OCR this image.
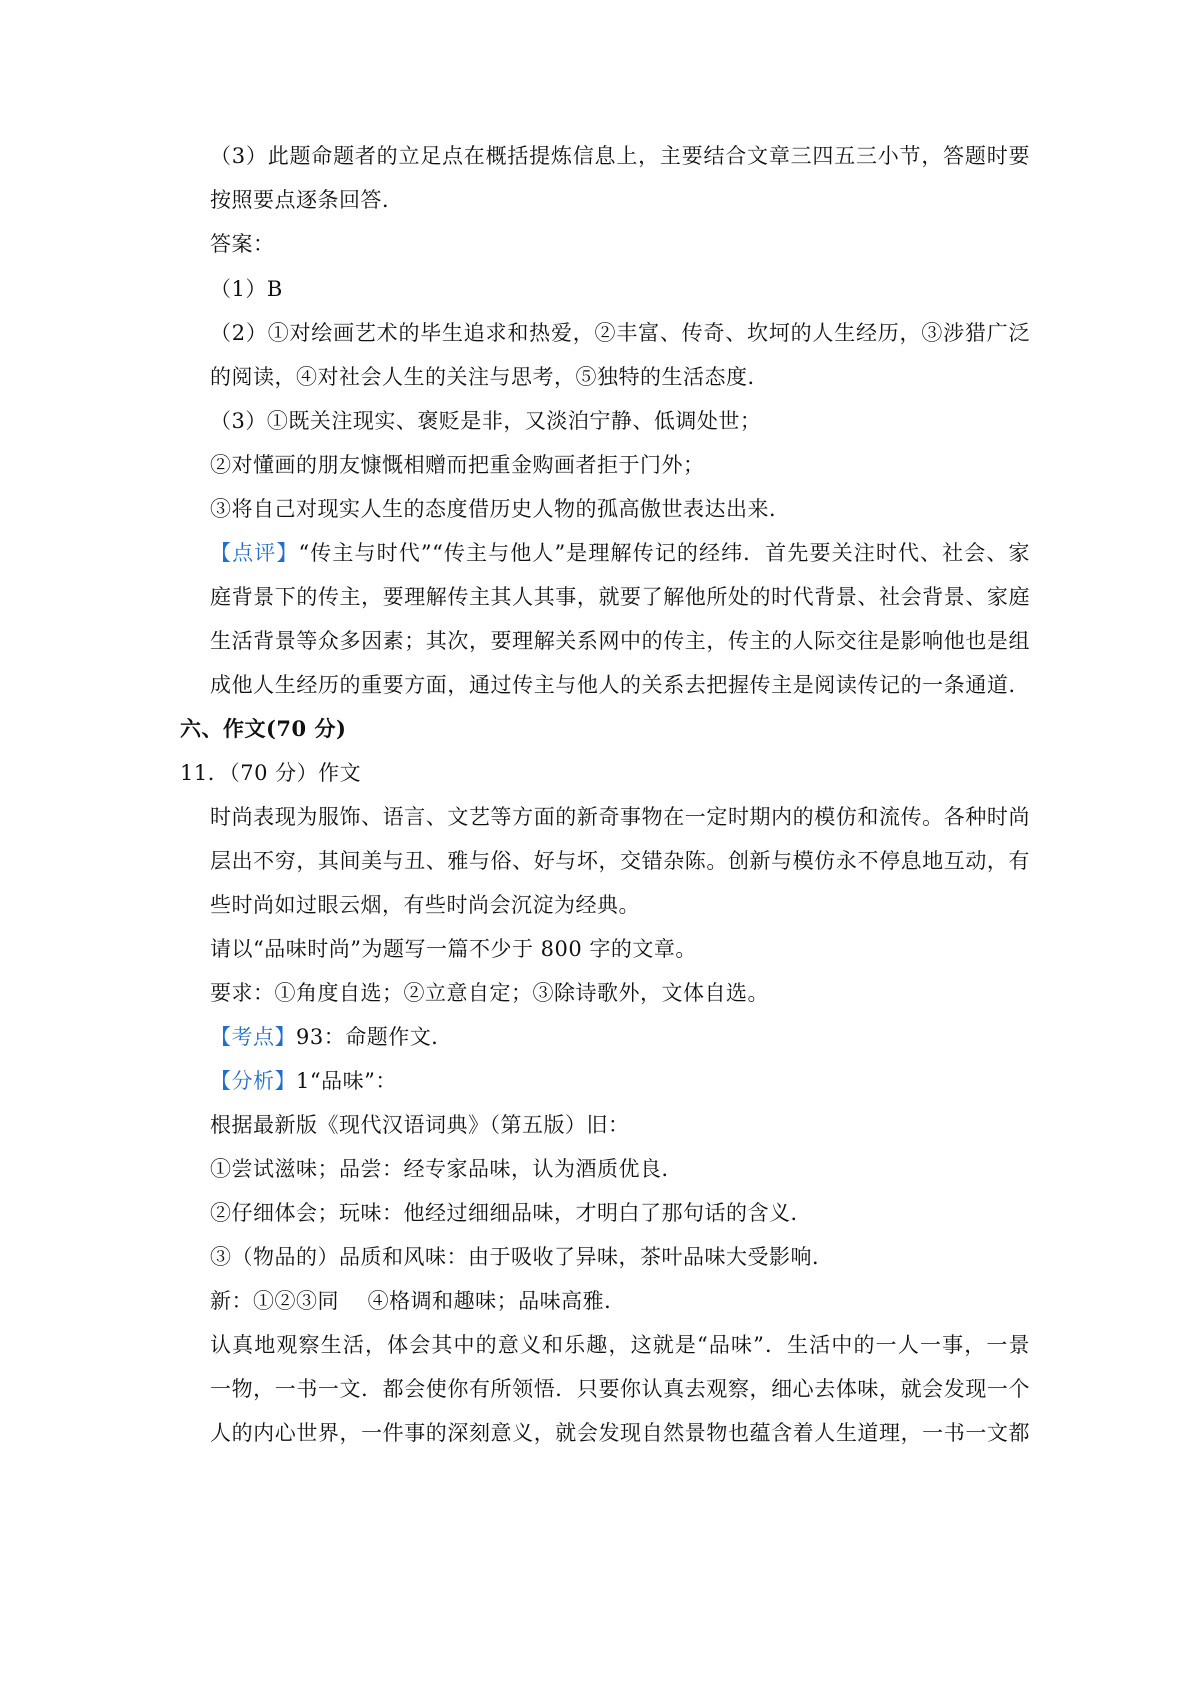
（3）此题命题者的立足点在概括提炼信息上，主要结合文章三四五三小节，答题时要
按照要点逐条回答．
答案：
（1）B
（2）①对绘画艺术的毕生追求和热爱，②丰富、传奇、坎坷的人生经历，③涉猎广泛
的阅读，④对社会人生的关注与思考，⑤独特的生活态度．
（3）①既关注现实、褒贬是非，又淡泊宁静、低调处世；
②对懂画的朋友慷慨相赠而把重金购画者拒于门外；
③将自己对现实人生的态度借历史人物的孤高傲世表达出来．
【点评】“传主与时代”“传主与他人”是理解传记的经纬．首先要关注时代、社会、家
庭背景下的传主，要理解传主其人其事，就要了解他所处的时代背景、社会背景、家庭
生活背景等众多因素；其次，要理解关系网中的传主，传主的人际交往是影响他也是组
成他人生经历的重要方面，通过传主与他人的关系去把握传主是阅读传记的一条通道．
六、作文(70 分)
11．（70 分）作文
时尚表现为服饰、语言、文艺等方面的新奇事物在一定时期内的模仿和流传。各种时尚
层出不穷，其间美与丑、雅与俗、好与坏，交错杂陈。创新与模仿永不停息地互动，有
些时尚如过眼云烟，有些时尚会沉淀为经典。
请以“品味时尚”为题写一篇不少于 800 字的文章。
要求：①角度自选；②立意自定；③除诗歌外，文体自选。
【考点】93：命题作文．
【分析】1“品味”：
根据最新版《现代汉语词典》（第五版）旧：
①尝试滋味；品尝：经专家品味，认为酒质优良．
②仔细体会；玩味：他经过细细品味，才明白了那句话的含义．
③（物品的）品质和风味：由于吸收了异味，茶叶品味大受影响．
新：①②③同　 ④格调和趣味；品味高雅．
认真地观察生活，体会其中的意义和乐趣，这就是“品味”．生活中的一人一事，一景
一物，一书一文．都会使你有所领悟．只要你认真去观察，细心去体味，就会发现一个
人的内心世界，一件事的深刻意义，就会发现自然景物也蕴含着人生道理，一书一文都
